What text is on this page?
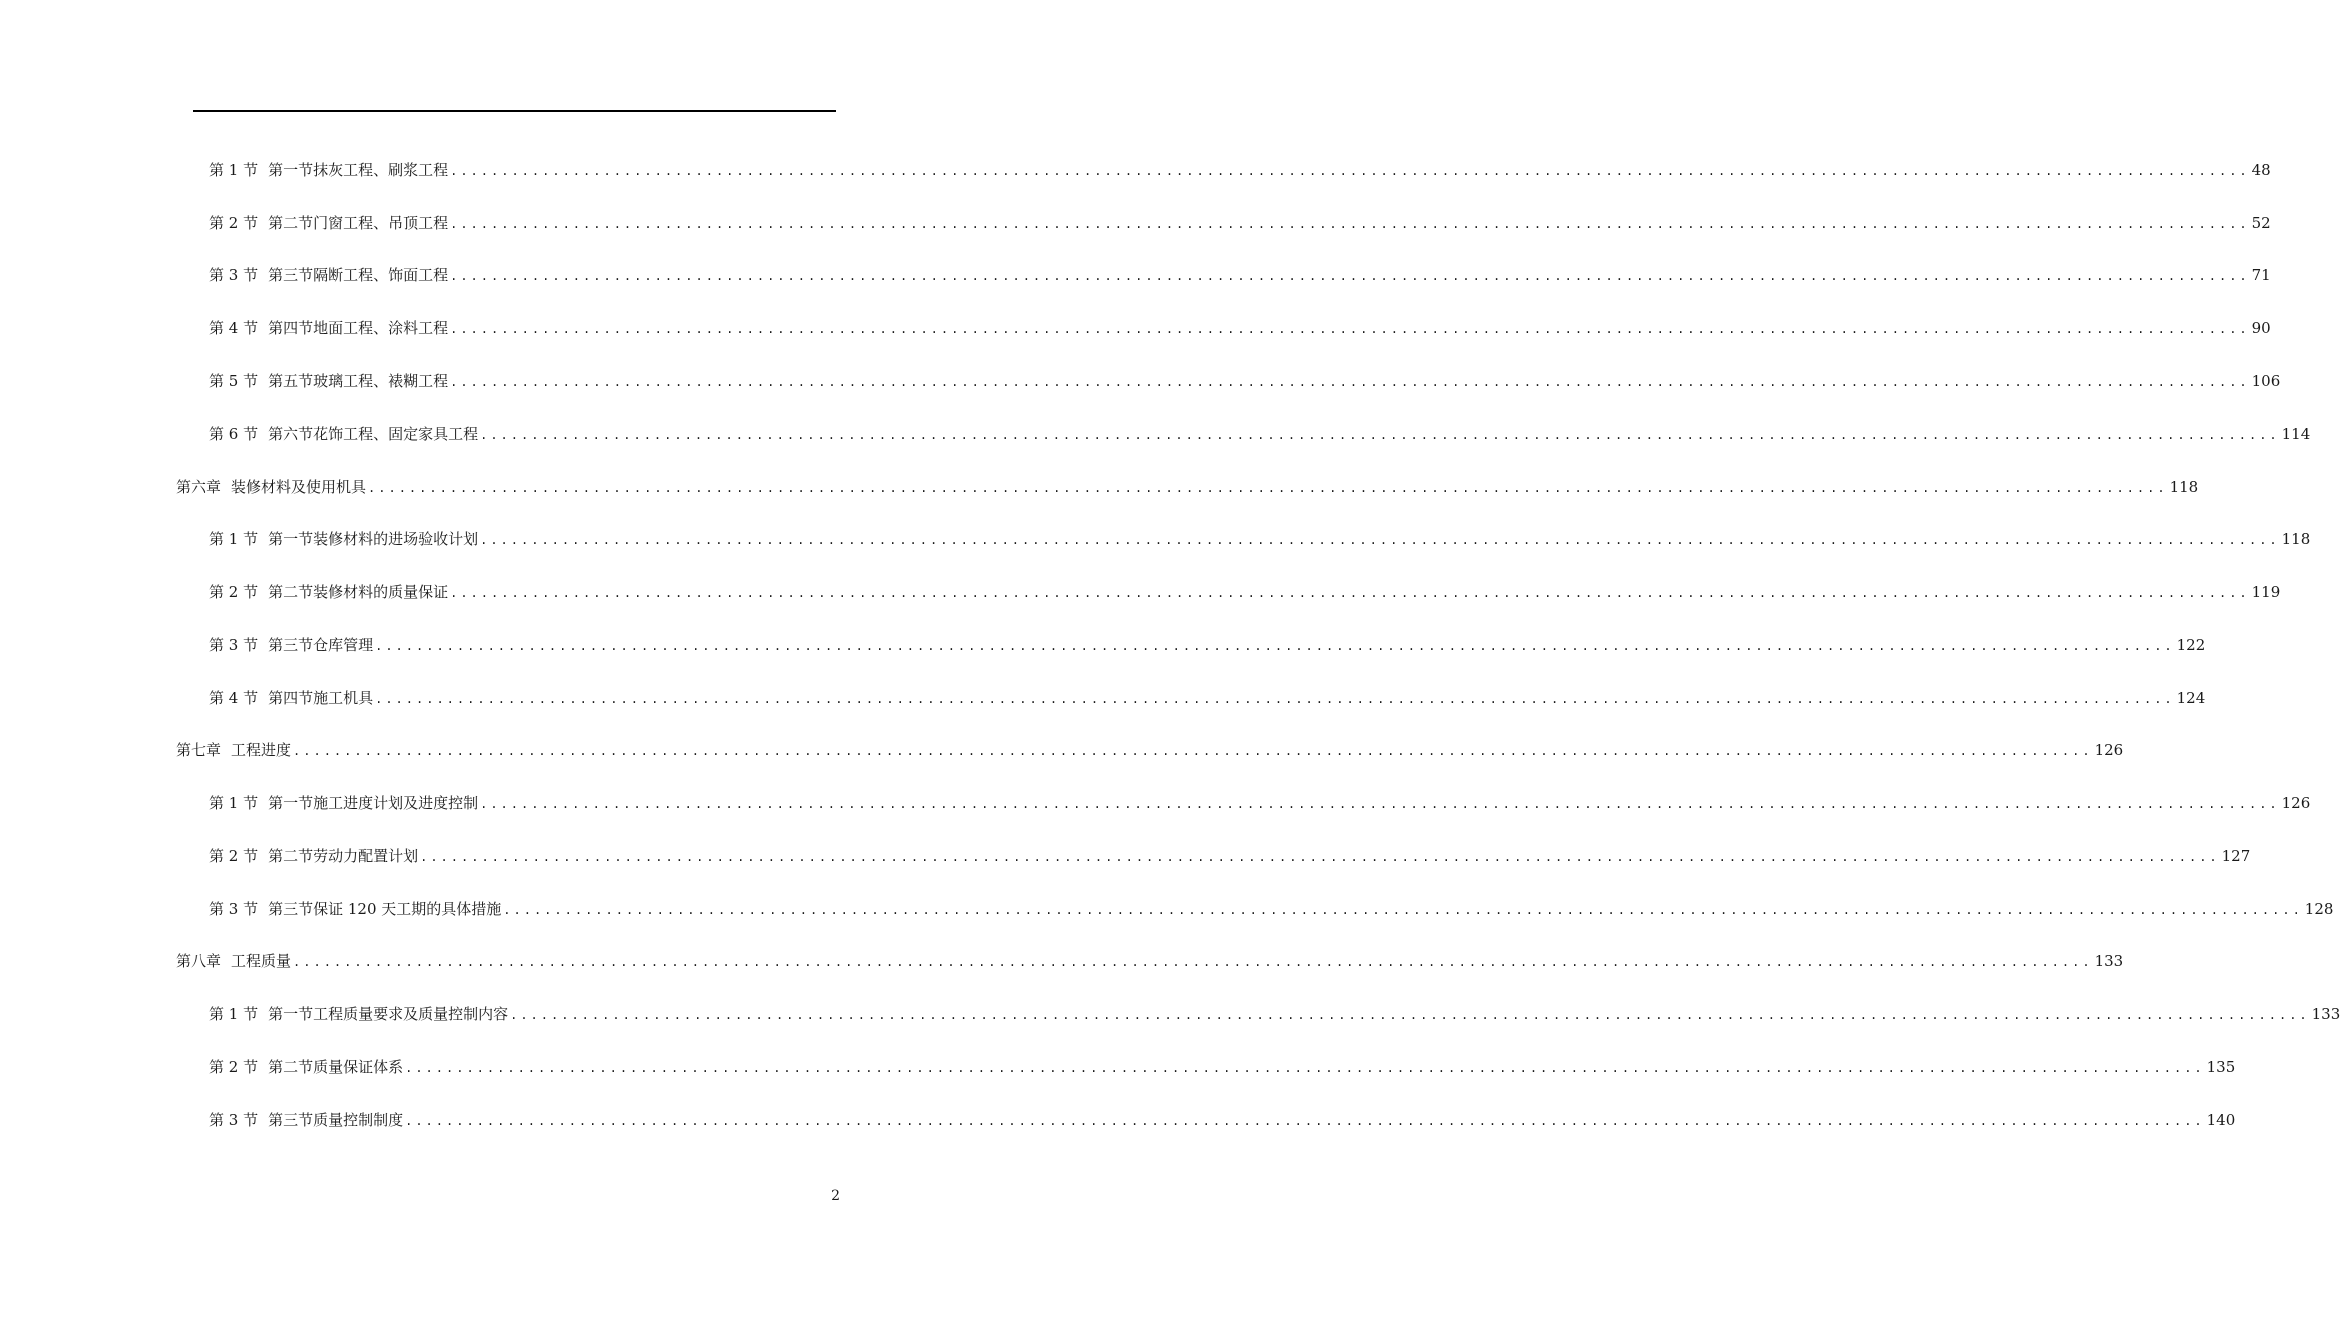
第 1 节 第一节抹灰工程、刷浆工程 ................................................................................................................................................................................ 48
第 2 节 第二节门窗工程、吊顶工程 ................................................................................................................................................................................ 52
第 3 节 第三节隔断工程、饰面工程 ................................................................................................................................................................................ 71
第 4 节 第四节地面工程、涂料工程 ................................................................................................................................................................................ 90
第 5 节 第五节玻璃工程、裱糊工程 ................................................................................................................................................................................ 106
第 6 节 第六节花饰工程、固定家具工程 ................................................................................................................................................................................ 114
第六章 装修材料及使用机具 ................................................................................................................................................................................ 118
第 1 节 第一节装修材料的进场验收计划 ................................................................................................................................................................................ 118
第 2 节 第二节装修材料的质量保证 ................................................................................................................................................................................ 119
第 3 节 第三节仓库管理 ................................................................................................................................................................................ 122
第 4 节 第四节施工机具 ................................................................................................................................................................................ 124
第七章 工程进度 ................................................................................................................................................................................ 126
第 1 节 第一节施工进度计划及进度控制 ................................................................................................................................................................................ 126
第 2 节 第二节劳动力配置计划 ................................................................................................................................................................................ 127
第 3 节 第三节保证 120 天工期的具体措施 ................................................................................................................................................................................ 128
第八章 工程质量 ................................................................................................................................................................................ 133
第 1 节 第一节工程质量要求及质量控制内容 ................................................................................................................................................................................ 133
第 2 节 第二节质量保证体系 ................................................................................................................................................................................ 135
第 3 节 第三节质量控制制度 ................................................................................................................................................................................ 140
2
